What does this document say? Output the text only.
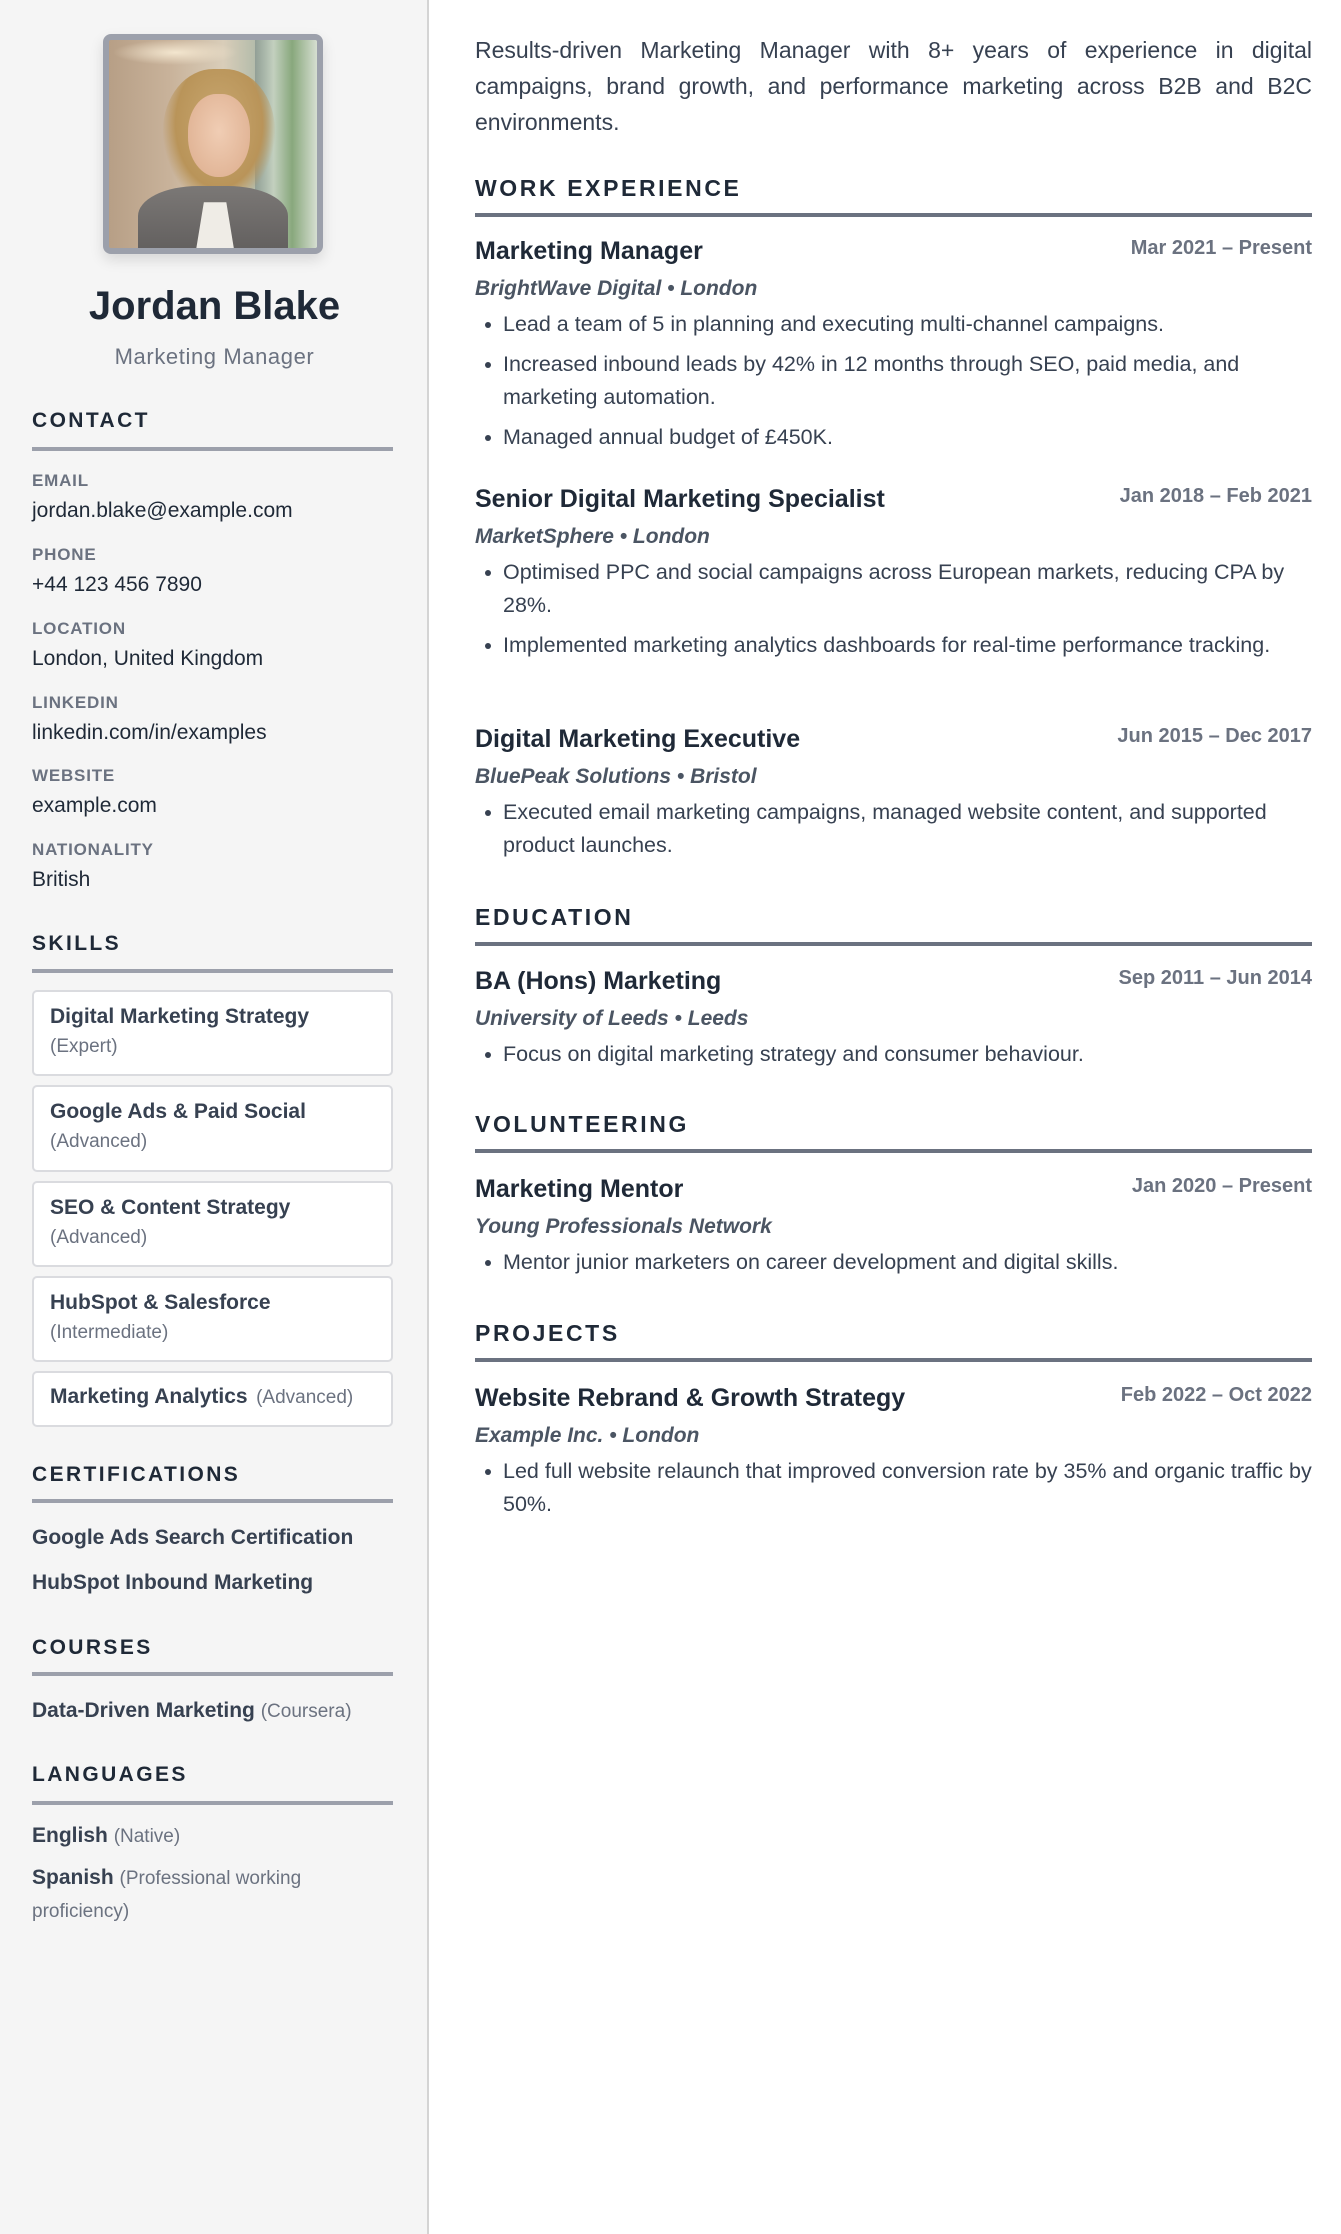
Jordan Blake
Marketing Manager
CONTACT
EMAIL
jordan.blake@example.com
PHONE
+44 123 456 7890
LOCATION
London, United Kingdom
LINKEDIN
linkedin.com/in/examples
WEBSITE
example.com
NATIONALITY
British
SKILLS
Digital Marketing Strategy
(Expert)
Google Ads & Paid Social
(Advanced)
SEO & Content Strategy
(Advanced)
HubSpot & Salesforce
(Intermediate)
Marketing Analytics (Advanced)
CERTIFICATIONS
Google Ads Search Certification
HubSpot Inbound Marketing
COURSES
Data-Driven Marketing (Coursera)
LANGUAGES
English (Native)
Spanish (Professional working proficiency)

Results-driven Marketing Manager with 8+ years of experience in digital campaigns, brand growth, and performance marketing across B2B and B2C environments.

WORK EXPERIENCE
Marketing Manager	Mar 2021 – Present
BrightWave Digital • London
Lead a team of 5 in planning and executing multi-channel campaigns.
Increased inbound leads by 42% in 12 months through SEO, paid media, and marketing automation.
Managed annual budget of £450K.
Senior Digital Marketing Specialist	Jan 2018 – Feb 2021
MarketSphere • London
Optimised PPC and social campaigns across European markets, reducing CPA by 28%.
Implemented marketing analytics dashboards for real-time performance tracking.
Digital Marketing Executive	Jun 2015 – Dec 2017
BluePeak Solutions • Bristol
Executed email marketing campaigns, managed website content, and supported product launches.
EDUCATION
BA (Hons) Marketing	Sep 2011 – Jun 2014
University of Leeds • Leeds
Focus on digital marketing strategy and consumer behaviour.
VOLUNTEERING
Marketing Mentor	Jan 2020 – Present
Young Professionals Network
Mentor junior marketers on career development and digital skills.
PROJECTS
Website Rebrand & Growth Strategy	Feb 2022 – Oct 2022
Example Inc. • London
Led full website relaunch that improved conversion rate by 35% and organic traffic by 50%.
